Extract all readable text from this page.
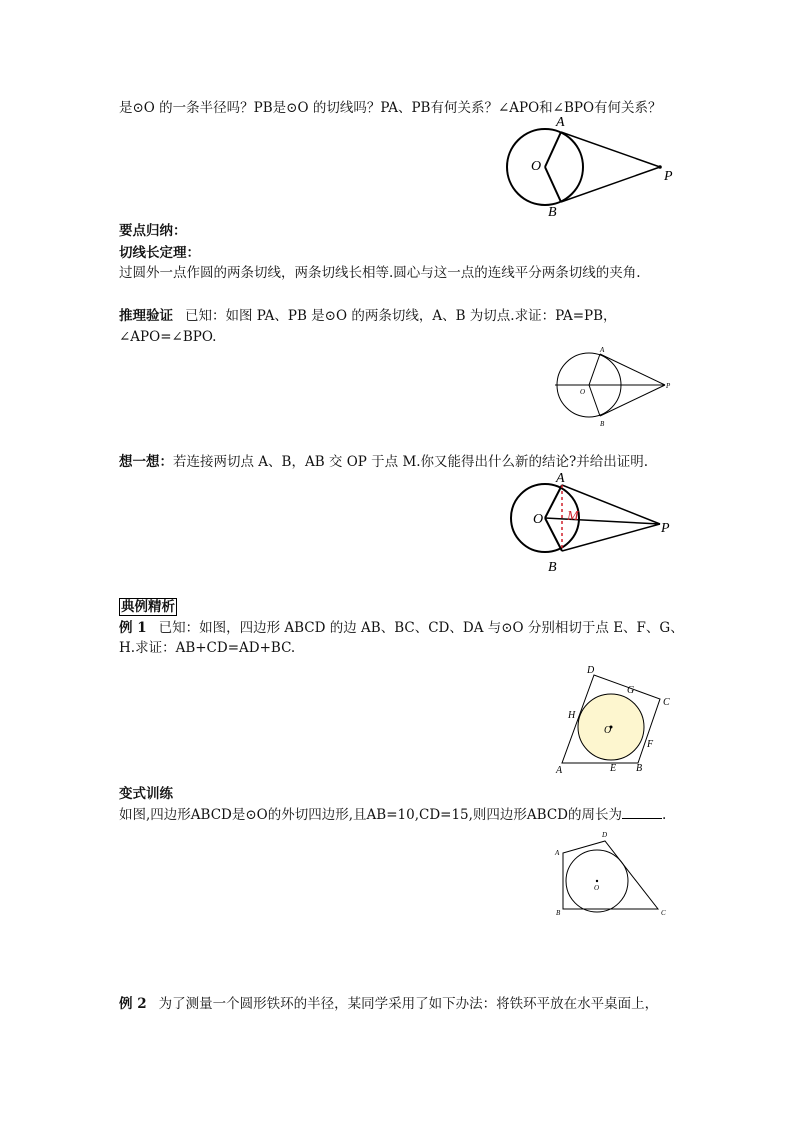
是⊙O 的一条半径吗？PB是⊙O 的切线吗？PA、PB有何关系？∠APO和∠BPO有何关系？
A
B
O
P
要点归纳：
切线长定理：
过圆外一点作圆的两条切线，两条切线长相等.圆心与这一点的连线平分两条切线的夹角.
推理验证 已知：如图 PA、PB 是⊙O 的两条切线，A、B 为切点.求证：PA=PB，
∠APO=∠BPO.
A
B
O
P
想一想：若连接两切点 A、B，AB 交 OP 于点 M.你又能得出什么新的结论?并给出证明.
A
B
O M
P
典例精析
例 1 已知：如图，四边形 ABCD 的边 AB、BC、CD、DA 与⊙O 分别相切于点 E、F、G、
H.求证：AB+CD=AD+BC.
D
G
C
H
O
F
A	E B
变式训练
如图,四边形ABCD是⊙O的外切四边形,且AB=10,CD=15,则四边形ABCD的周长为	.
D
A
O
B	C
例 2 为了测量一个圆形铁环的半径，某同学采用了如下办法：将铁环平放在水平桌面上，
